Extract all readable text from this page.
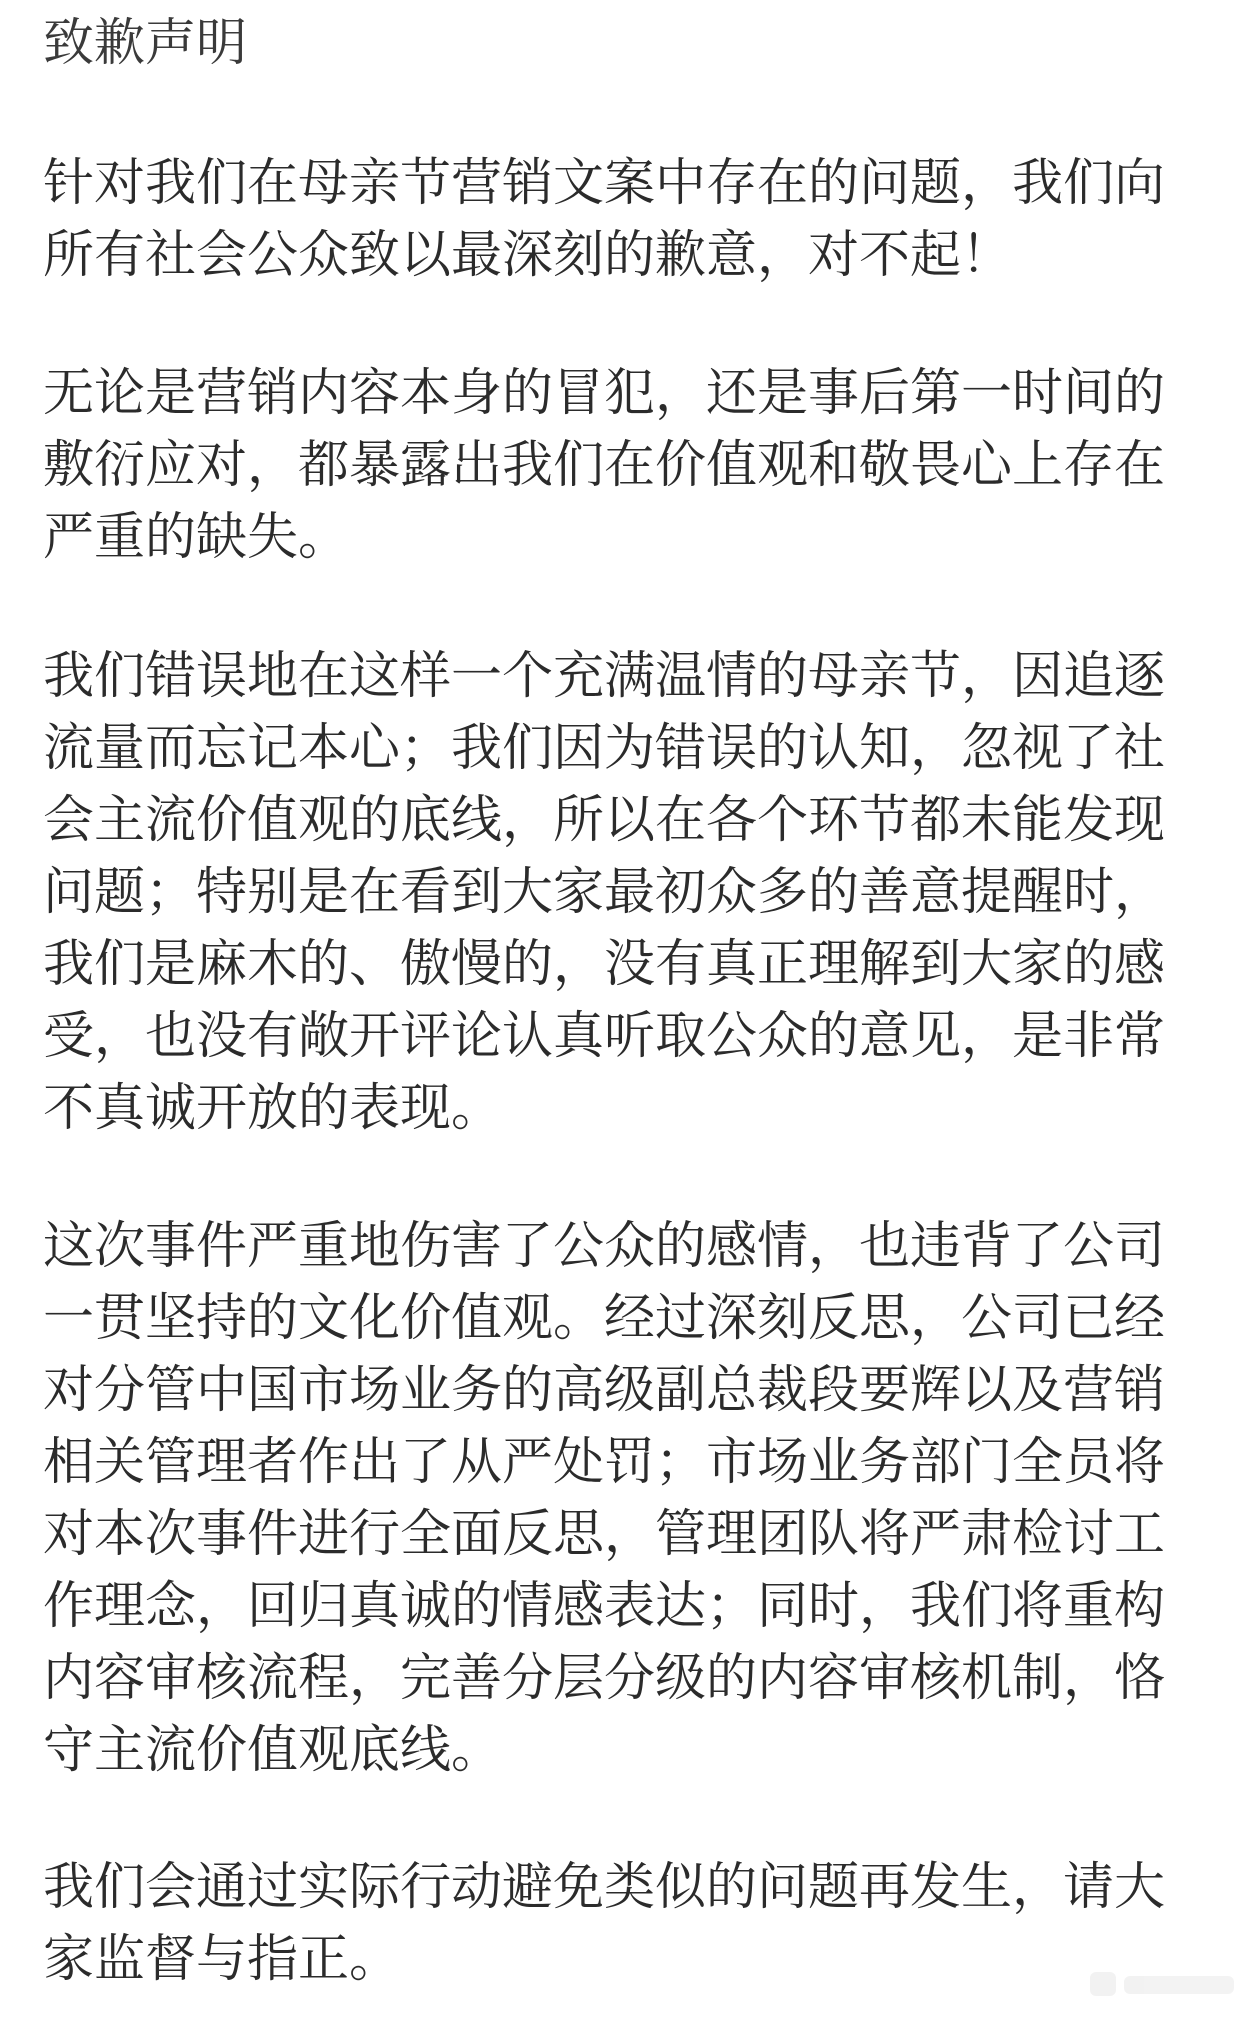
致歉声明
针对我们在母亲节营销文案中存在的问题，我们向
所有社会公众致以最深刻的歉意，对不起！
无论是营销内容本身的冒犯，还是事后第一时间的
敷衍应对，都暴露出我们在价值观和敬畏心上存在
严重的缺失。
我们错误地在这样一个充满温情的母亲节，因追逐
流量而忘记本心；我们因为错误的认知，忽视了社
会主流价值观的底线，所以在各个环节都未能发现
问题；特别是在看到大家最初众多的善意提醒时，
我们是麻木的、傲慢的，没有真正理解到大家的感
受，也没有敞开评论认真听取公众的意见，是非常
不真诚开放的表现。
这次事件严重地伤害了公众的感情，也违背了公司
一贯坚持的文化价值观。经过深刻反思，公司已经
对分管中国市场业务的高级副总裁段要辉以及营销
相关管理者作出了从严处罚；市场业务部门全员将
对本次事件进行全面反思，管理团队将严肃检讨工
作理念，回归真诚的情感表达；同时，我们将重构
内容审核流程，完善分层分级的内容审核机制，恪
守主流价值观底线。
我们会通过实际行动避免类似的问题再发生，请大
家监督与指正。
